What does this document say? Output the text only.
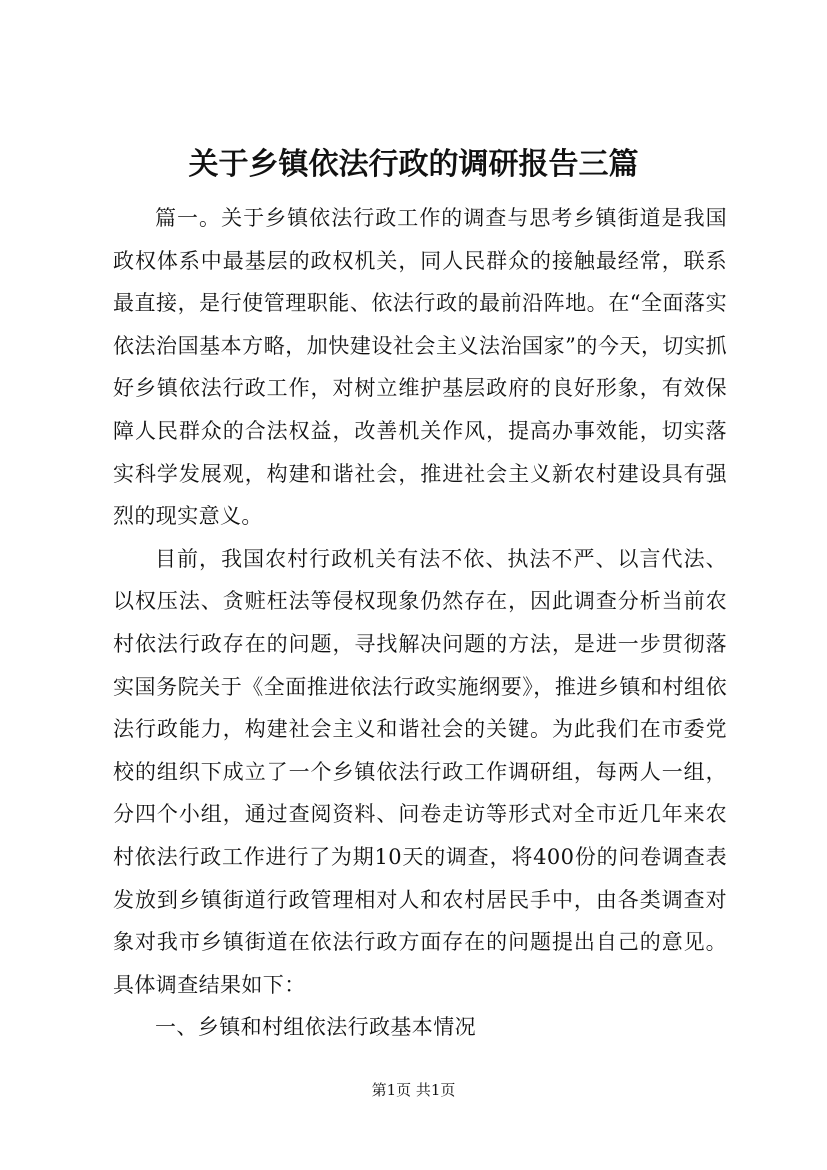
关于乡镇依法行政的调研报告三篇

篇一。关于乡镇依法行政工作的调查与思考乡镇街道是我国政权体系中最基层的政权机关，同人民群众的接触最经常，联系最直接，是行使管理职能、依法行政的最前沿阵地。在“全面落实依法治国基本方略，加快建设社会主义法治国家”的今天，切实抓好乡镇依法行政工作，对树立维护基层政府的良好形象，有效保障人民群众的合法权益，改善机关作风，提高办事效能，切实落实科学发展观，构建和谐社会，推进社会主义新农村建设具有强烈的现实意义。

目前，我国农村行政机关有法不依、执法不严、以言代法、以权压法、贪赃枉法等侵权现象仍然存在，因此调查分析当前农村依法行政存在的问题，寻找解决问题的方法，是进一步贯彻落实国务院关于《全面推进依法行政实施纲要》，推进乡镇和村组依法行政能力，构建社会主义和谐社会的关键。为此我们在市委党校的组织下成立了一个乡镇依法行政工作调研组，每两人一组，分四个小组，通过查阅资料、问卷走访等形式对全市近几年来农村依法行政工作进行了为期10天的调查，将400份的问卷调查表发放到乡镇街道行政管理相对人和农村居民手中，由各类调查对象对我市乡镇街道在依法行政方面存在的问题提出自己的意见。具体调查结果如下：

一、乡镇和村组依法行政基本情况

第1页 共1页
